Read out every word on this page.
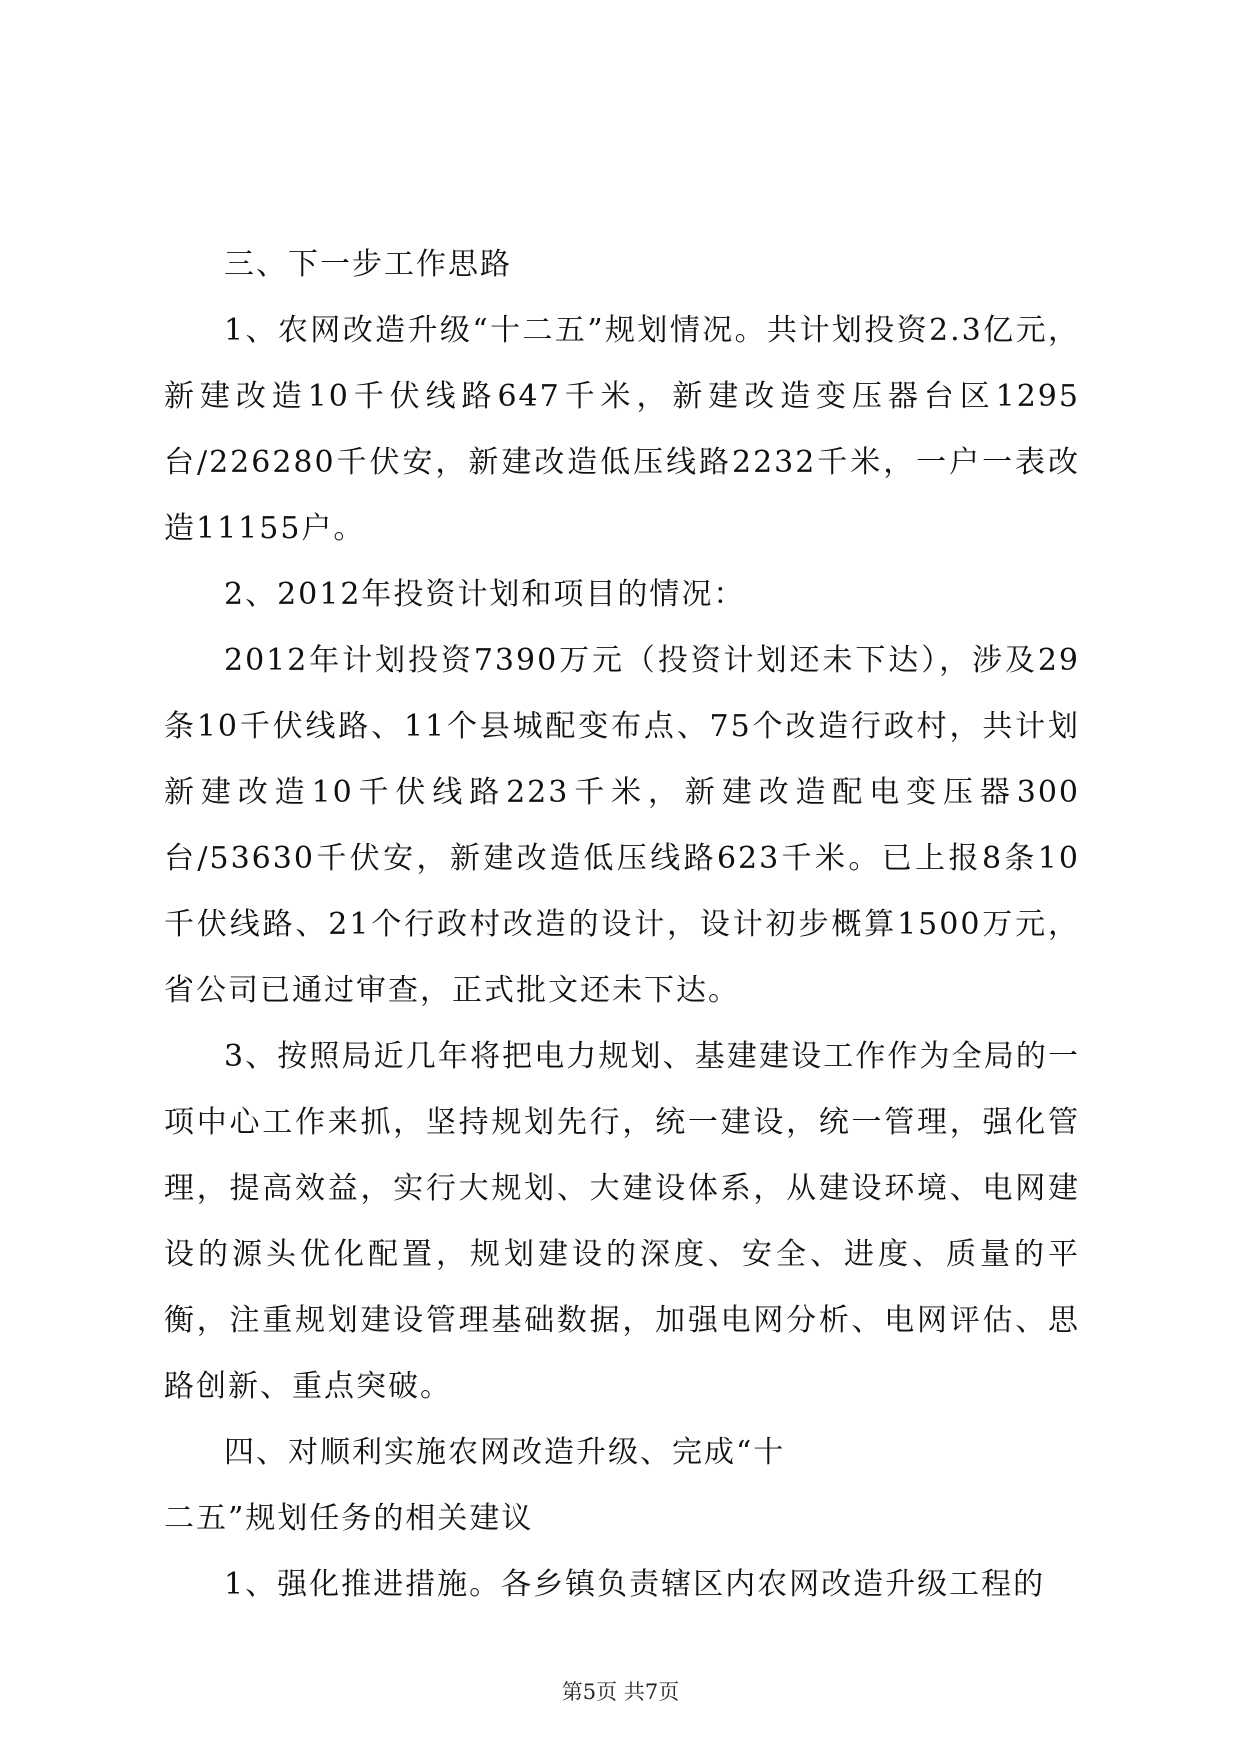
三、下一步工作思路

1、农网改造升级“十二五”规划情况。共计划投资2.3亿元，新建改造10千伏线路647千米，新建改造变压器台区1295台/226280千伏安，新建改造低压线路2232千米，一户一表改造11155户。

2、2012年投资计划和项目的情况：

2012年计划投资7390万元（投资计划还未下达），涉及29条10千伏线路、11个县城配变布点、75个改造行政村，共计划新建改造10千伏线路223千米，新建改造配电变压器300台/53630千伏安，新建改造低压线路623千米。已上报8条10千伏线路、21个行政村改造的设计，设计初步概算1500万元，省公司已通过审查，正式批文还未下达。

3、按照局近几年将把电力规划、基建建设工作作为全局的一项中心工作来抓，坚持规划先行，统一建设，统一管理，强化管理，提高效益，实行大规划、大建设体系，从建设环境、电网建设的源头优化配置，规划建设的深度、安全、进度、质量的平衡，注重规划建设管理基础数据，加强电网分析、电网评估、思路创新、重点突破。

四、对顺利实施农网改造升级、完成“十

二五”规划任务的相关建议

1、强化推进措施。各乡镇负责辖区内农网改造升级工程的

第5页 共7页
